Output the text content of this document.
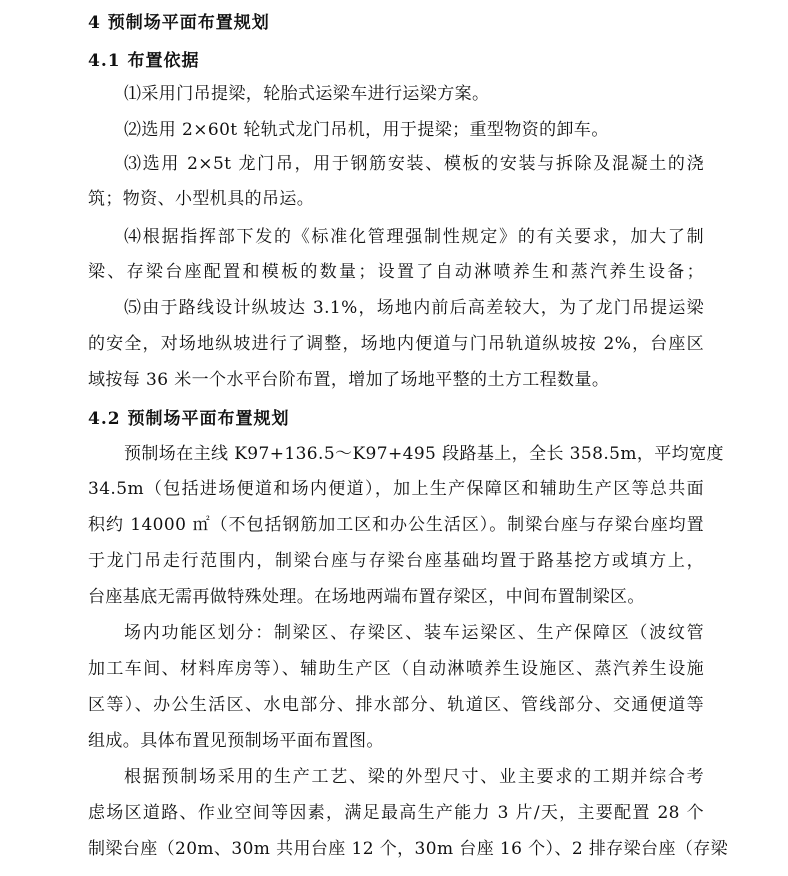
4 预制场平面布置规划
4.1 布置依据
⑴采用门吊提梁，轮胎式运梁车进行运梁方案。
⑵选用 2×60t 轮轨式龙门吊机，用于提梁；重型物资的卸车。
⑶选用 2×5t 龙门吊，用于钢筋安装、模板的安装与拆除及混凝土的浇
筑；物资、小型机具的吊运。
⑷根据指挥部下发的《标准化管理强制性规定》的有关要求，加大了制
梁、存梁台座配置和模板的数量；设置了自动淋喷养生和蒸汽养生设备；
⑸由于路线设计纵坡达 3.1%，场地内前后高差较大，为了龙门吊提运梁
的安全，对场地纵坡进行了调整，场地内便道与门吊轨道纵坡按 2%，台座区
域按每 36 米一个水平台阶布置，增加了场地平整的土方工程数量。
4.2 预制场平面布置规划
预制场在主线 K97+136.5～K97+495 段路基上，全长 358.5m，平均宽度
34.5m（包括进场便道和场内便道），加上生产保障区和辅助生产区等总共面
积约 14000 ㎡（不包括钢筋加工区和办公生活区）。制梁台座与存梁台座均置
于龙门吊走行范围内，制梁台座与存梁台座基础均置于路基挖方或填方上，
台座基底无需再做特殊处理。在场地两端布置存梁区，中间布置制梁区。
场内功能区划分：制梁区、存梁区、装车运梁区、生产保障区（波纹管
加工车间、材料库房等）、辅助生产区（自动淋喷养生设施区、蒸汽养生设施
区等）、办公生活区、水电部分、排水部分、轨道区、管线部分、交通便道等
组成。具体布置见预制场平面布置图。
根据预制场采用的生产工艺、梁的外型尺寸、业主要求的工期并综合考
虑场区道路、作业空间等因素，满足最高生产能力 3 片/天，主要配置 28 个
制梁台座（20m、30m 共用台座 12 个，30m 台座 16 个）、2 排存梁台座（存梁
